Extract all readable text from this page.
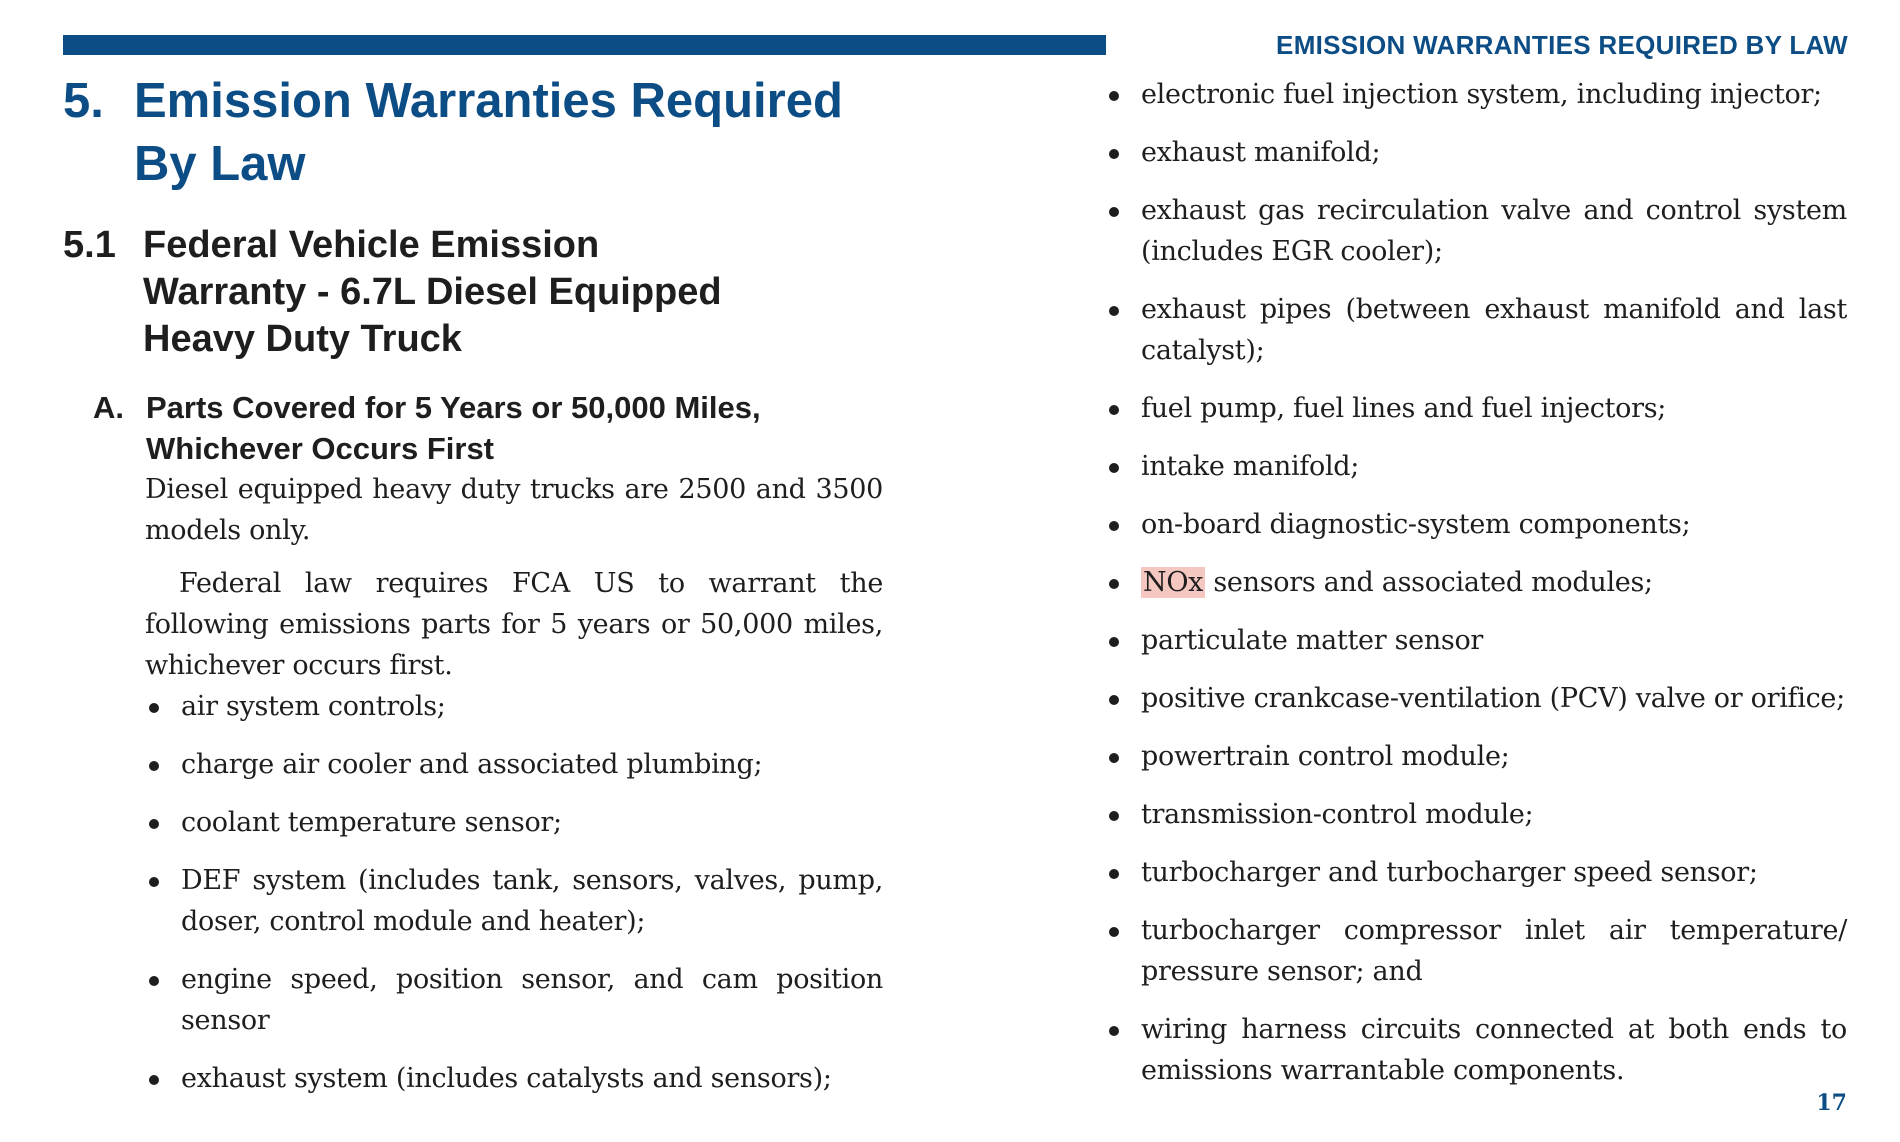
EMISSION WARRANTIES REQUIRED BY LAW
5. Emission Warranties Required
By Law
5.1 Federal Vehicle Emission Warranty - 6.7L Diesel Equipped Heavy Duty Truck
A. Parts Covered for 5 Years or 50,000 Miles, Whichever Occurs First

Diesel equipped heavy duty trucks are 2500 and 3500 models only.

Federal law requires FCA US to warrant the following emissions parts for 5 years or 50,000 miles, whichever occurs first.

air system controls;
charge air cooler and associated plumbing;
coolant temperature sensor;
DEF system (includes tank, sensors, valves, pump, doser, control module and heater);
engine speed, position sensor, and cam position sensor
exhaust system (includes catalysts and sensors);
electronic fuel injection system, including injector;
exhaust manifold;
exhaust gas recirculation valve and control system (includes EGR cooler);
exhaust pipes (between exhaust manifold and last catalyst);
fuel pump, fuel lines and fuel injectors;
intake manifold;
on-board diagnostic-system components;
NOx sensors and associated modules;
particulate matter sensor
positive crankcase-ventilation (PCV) valve or orifice;
powertrain control module;
transmission-control module;
turbocharger and turbocharger speed sensor;
turbocharger compressor inlet air temperature/ pressure sensor; and
wiring harness circuits connected at both ends to emissions warrantable components.
17
